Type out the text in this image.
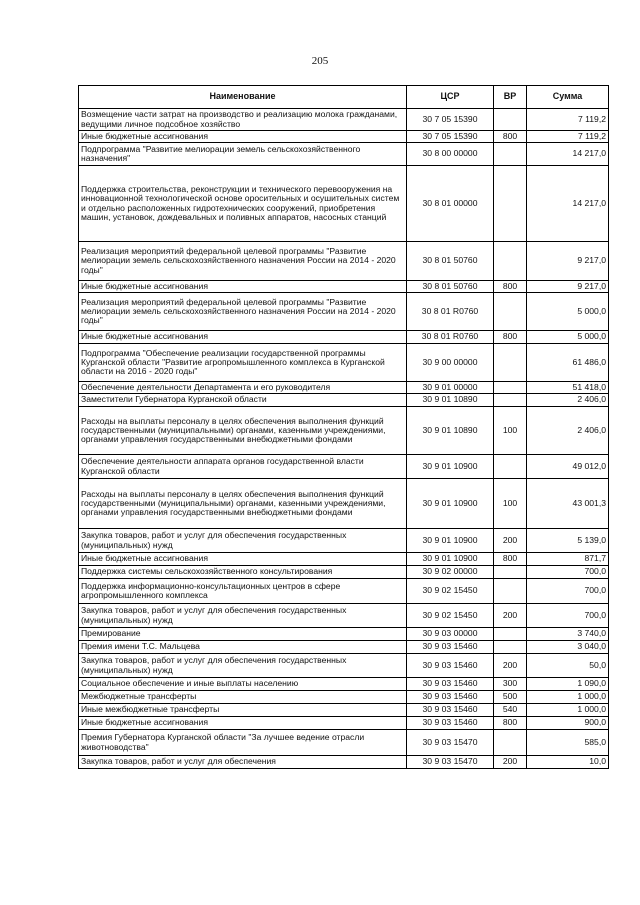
205
Наименование	ЦСР	ВР	Сумма
Возмещение части затрат на производство и реализацию молока гражданами, ведущими личное подсобное хозяйство	30 7 05 15390		7 119,2
Иные бюджетные ассигнования	30 7 05 15390	800	7 119,2
Подпрограмма "Развитие мелиорации земель сельскохозяйственного назначения"	30 8 00 00000		14 217,0
Поддержка строительства, реконструкции и технического перевооружения на инновационной технологической основе оросительных и осушительных систем и отдельно расположенных гидротехнических сооружений, приобретения машин, установок, дождевальных и поливных аппаратов, насосных станций	30 8 01 00000		14 217,0
Реализация мероприятий федеральной целевой программы "Развитие мелиорации земель сельскохозяйственного назначения России на 2014 - 2020 годы"	30 8 01 50760		9 217,0
Иные бюджетные ассигнования	30 8 01 50760	800	9 217,0
Реализация мероприятий федеральной целевой программы "Развитие мелиорации земель сельскохозяйственного назначения России на 2014 - 2020 годы"	30 8 01 R0760		5 000,0
Иные бюджетные ассигнования	30 8 01 R0760	800	5 000,0
Подпрограмма "Обеспечение реализации государственной программы Курганской области "Развитие агропромышленного комплекса в Курганской области на 2016 - 2020 годы"	30 9 00 00000		61 486,0
Обеспечение деятельности Департамента и его руководителя	30 9 01 00000		51 418,0
Заместители Губернатора Курганской области	30 9 01 10890		2 406,0
Расходы на выплаты персоналу в целях обеспечения выполнения функций государственными (муниципальными) органами, казенными учреждениями, органами управления государственными внебюджетными фондами	30 9 01 10890	100	2 406,0
Обеспечение деятельности аппарата органов государственной власти Курганской области	30 9 01 10900		49 012,0
Расходы на выплаты персоналу в целях обеспечения выполнения функций государственными (муниципальными) органами, казенными учреждениями, органами управления государственными внебюджетными фондами	30 9 01 10900	100	43 001,3
Закупка товаров, работ и услуг для обеспечения государственных (муниципальных) нужд	30 9 01 10900	200	5 139,0
Иные бюджетные ассигнования	30 9 01 10900	800	871,7
Поддержка системы сельскохозяйственного консультирования	30 9 02 00000		700,0
Поддержка информационно-консультационных центров в сфере агропромышленного комплекса	30 9 02 15450		700,0
Закупка товаров, работ и услуг для обеспечения государственных (муниципальных) нужд	30 9 02 15450	200	700,0
Премирование	30 9 03 00000		3 740,0
Премия имени Т.С. Мальцева	30 9 03 15460		3 040,0
Закупка товаров, работ и услуг для обеспечения государственных (муниципальных) нужд	30 9 03 15460	200	50,0
Социальное обеспечение и иные выплаты населению	30 9 03 15460	300	1 090,0
Межбюджетные трансферты	30 9 03 15460	500	1 000,0
Иные межбюджетные трансферты	30 9 03 15460	540	1 000,0
Иные бюджетные ассигнования	30 9 03 15460	800	900,0
Премия Губернатора Курганской области "За лучшее ведение отрасли животноводства"	30 9 03 15470		585,0
Закупка товаров, работ и услуг для обеспечения	30 9 03 15470	200	10,0
